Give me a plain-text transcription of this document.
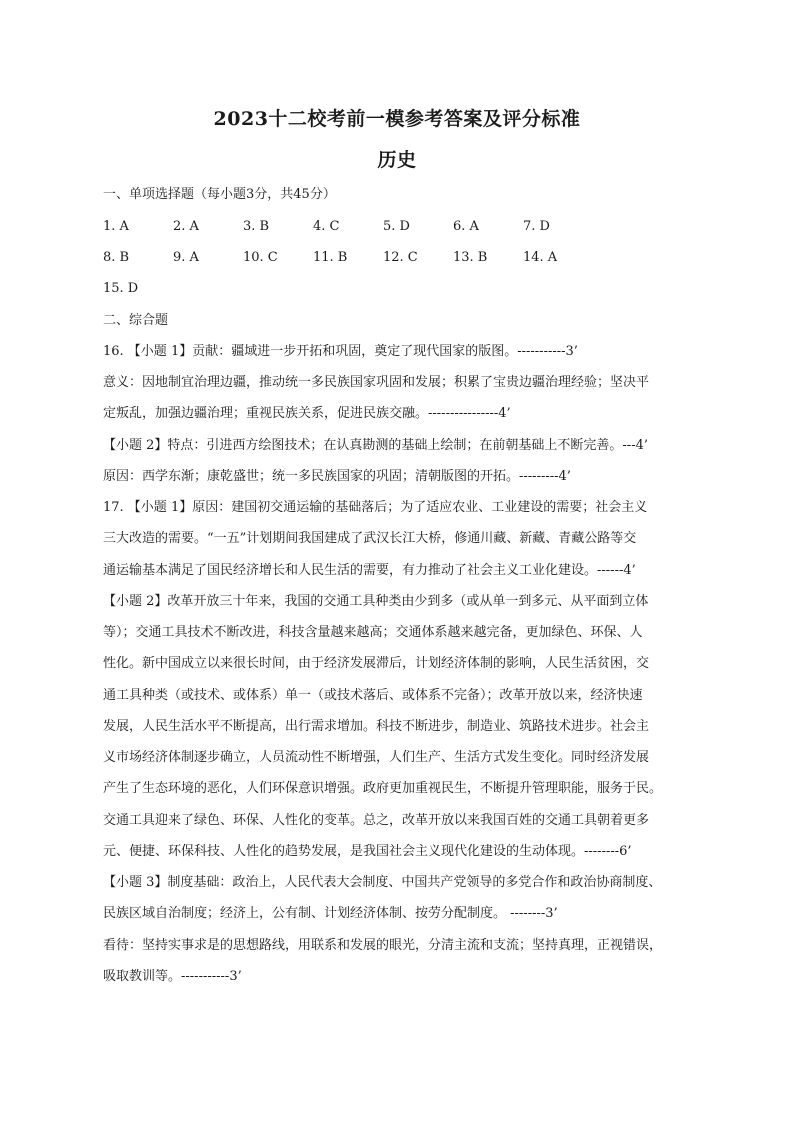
2023十二校考前一模参考答案及评分标准
历史
一、单项选择题（每小题3分，共45分）
1. A	2. A	3. B	4. C	5. D	6. A	7. D
8. B	9. A	10. C	11. B	12. C	13. B	14. A
15. D
二、综合题
16. 【小题 1】贡献：疆域进一步开拓和巩固，奠定了现代国家的版图。-----------3’
意义：因地制宜治理边疆，推动统一多民族国家巩固和发展；积累了宝贵边疆治理经验；坚决平
定叛乱，加强边疆治理；重视民族关系，促进民族交融。----------------4’
【小题 2】特点：引进西方绘图技术；在认真勘测的基础上绘制；在前朝基础上不断完善。---4’
原因：西学东渐；康乾盛世；统一多民族国家的巩固；清朝版图的开拓。---------4’
17. 【小题 1】原因：建国初交通运输的基础落后；为了适应农业、工业建设的需要；社会主义
三大改造的需要。“一五”计划期间我国建成了武汉长江大桥，修通川藏、新藏、青藏公路等交
通运输基本满足了国民经济增长和人民生活的需要，有力推动了社会主义工业化建设。------4’
【小题 2】改革开放三十年来，我国的交通工具种类由少到多（或从单一到多元、从平面到立体
等）；交通工具技术不断改进，科技含量越来越高；交通体系越来越完备，更加绿色、环保、人
性化。新中国成立以来很长时间，由于经济发展滞后，计划经济体制的影响，人民生活贫困，交
通工具种类（或技术、或体系）单一（或技术落后、或体系不完备）；改革开放以来，经济快速
发展，人民生活水平不断提高，出行需求增加。科技不断进步，制造业、筑路技术进步。社会主
义市场经济体制逐步确立，人员流动性不断增强，人们生产、生活方式发生变化。同时经济发展
产生了生态环境的恶化，人们环保意识增强。政府更加重视民生，不断提升管理职能，服务于民。
交通工具迎来了绿色、环保、人性化的变革。总之，改革开放以来我国百姓的交通工具朝着更多
元、便捷、环保科技、人性化的趋势发展，是我国社会主义现代化建设的生动体现。--------6’
【小题 3】制度基础：政治上，人民代表大会制度、中国共产党领导的多党合作和政治协商制度、
民族区域自治制度；经济上，公有制、计划经济体制、按劳分配制度。 --------3’
看待：坚持实事求是的思想路线，用联系和发展的眼光，分清主流和支流；坚持真理，正视错误，
吸取教训等。-----------3’
